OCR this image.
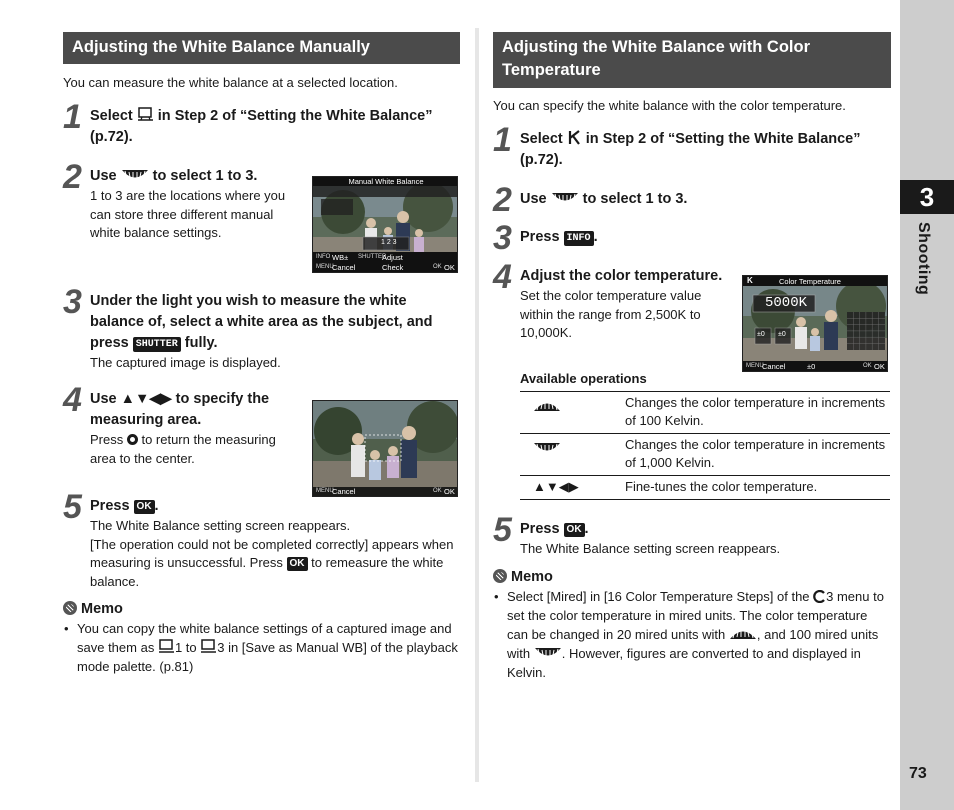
Adjusting the White Balance Manually

You can measure the white balance at a selected location.

1 Select
in Step 2 of “Setting the White Balance” (p.72).
2 Use
to select 1 to 3.
1 to 3 are the locations where you can store three different manual white balance settings.
Manual White Balance
1 2 3
INFO WB± SHUTTER
Adjust
MENU
Cancel	Check	OK OK
3 Under the light you wish to measure the white balance of, select a white area as the subject, and press SHUTTER fully.
The captured image is displayed.
4 Use ▲▼◀▶ to specify the measuring area.
Press  to return the measuring area to the center.
MENU
Cancel	OK OK
5 Press OK .
The White Balance setting screen reappears.
[The operation could not be completed correctly] appears when measuring is unsuccessful. Press OK to remeasure the white balance.
Memo
• You can copy the white balance settings of a captured image and save them as
1 to
3 in [Save as Manual WB] of the playback mode palette. (p.81)
Adjusting the White Balance with Color Temperature

You can specify the white balance with the color temperature.

1 Select  in Step 2 of “Setting the White Balance” (p.72).
2 Use
to select 1 to 3.
3 Press INFO .
4 Adjust the color temperature.
Set the color temperature value within the range from 2,500K to 10,000K.
K	Color Temperature
5000K
±0 ±0
MENU
Cancel	±0	OK OK
Available operations
	Changes the color temperature in increments of 100 Kelvin.

	Changes the color temperature in increments of 1,000 Kelvin.
▲▼◀▶	Fine-tunes the color temperature.
5 Press OK .
The White Balance setting screen reappears.
Memo
• Select [Mired] in [16 Color Temperature Steps] of the 3 menu to set the color temperature in mired units. The color temperature can be changed in 20 mired units with
, and 100 mired units with
. However, figures are converted to and displayed in Kelvin.
3
Shooting
73
